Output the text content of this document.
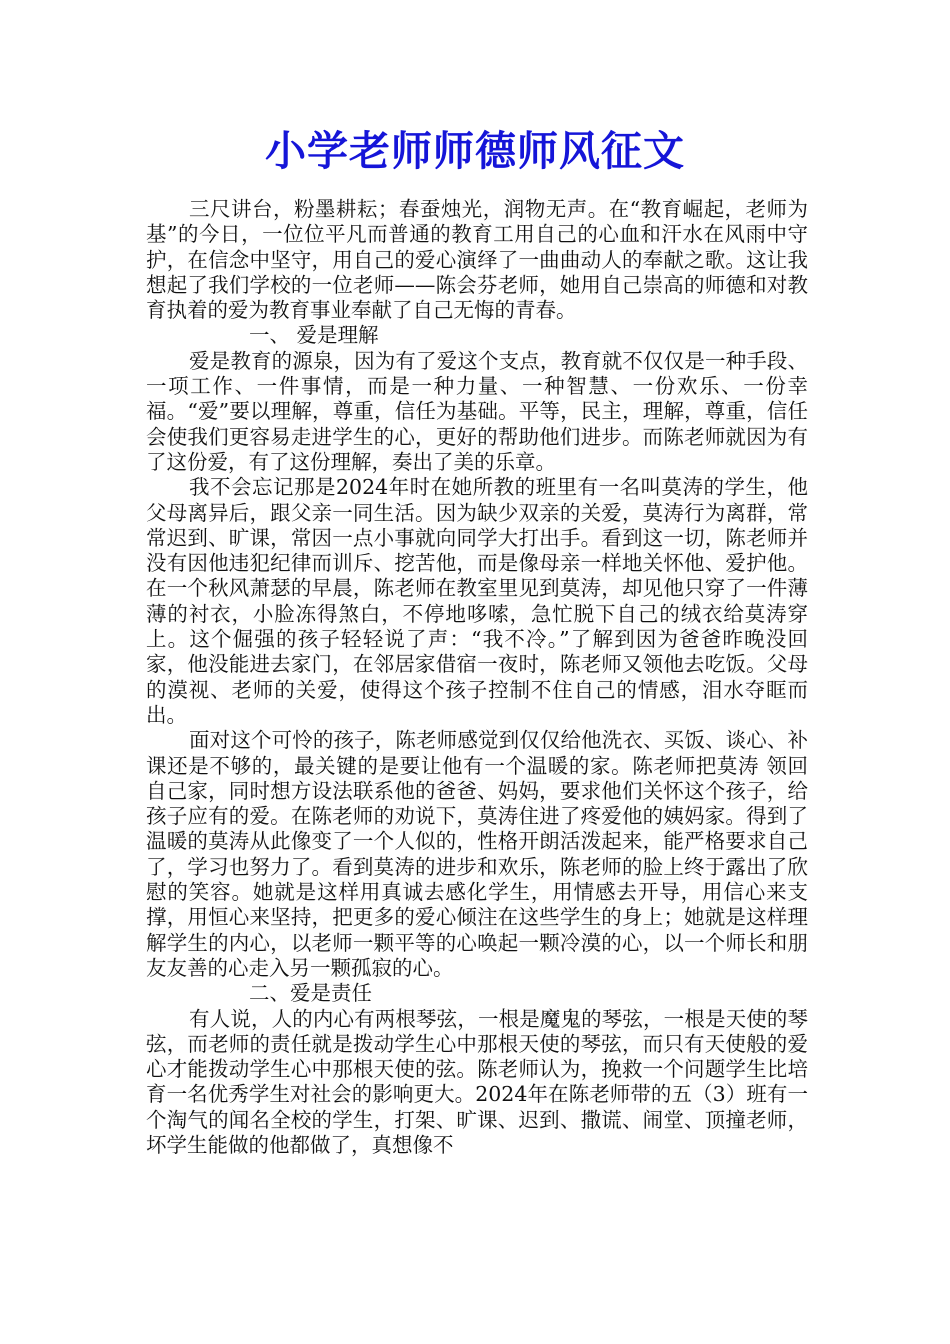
小学老师师德师风征文

三尺讲台，粉墨耕耘；春蚕烛光，润物无声。在“教育崛起，老师为基”的今日，一位位平凡而普通的教育工用自己的心血和汗水在风雨中守护，在信念中坚守，用自己的爱心演绎了一曲曲动人的奉献之歌。这让我想起了我们学校的一位老师——陈会芬老师，她用自己崇高的师德和对教育执着的爱为教育事业奉献了自己无悔的青春。

一、 爱是理解

爱是教育的源泉，因为有了爱这个支点，教育就不仅仅是一种手段、一项工作、一件事情，而是一种力量、一种智慧、一份欢乐、一份幸福。“爱”要以理解，尊重，信任为基础。平等，民主，理解，尊重，信任会使我们更容易走进学生的心，更好的帮助他们进步。而陈老师就因为有了这份爱，有了这份理解，奏出了美的乐章。

我不会忘记那是2024年时在她所教的班里有一名叫莫涛的学生，他父母离异后，跟父亲一同生活。因为缺少双亲的关爱，莫涛行为离群，常常迟到、旷课，常因一点小事就向同学大打出手。看到这一切，陈老师并没有因他违犯纪律而训斥、挖苦他，而是像母亲一样地关怀他、爱护他。在一个秋风萧瑟的早晨，陈老师在教室里见到莫涛，却见他只穿了一件薄薄的衬衣，小脸冻得煞白，不停地哆嗦，急忙脱下自己的绒衣给莫涛穿上。这个倔强的孩子轻轻说了声：“我不冷。”了解到因为爸爸昨晚没回家，他没能进去家门，在邻居家借宿一夜时，陈老师又领他去吃饭。父母的漠视、老师的关爱，使得这个孩子控制不住自己的情感，泪水夺眶而出。

面对这个可怜的孩子，陈老师感觉到仅仅给他洗衣、买饭、谈心、补课还是不够的，最关键的是要让他有一个温暖的家。陈老师把莫涛 领回自己家，同时想方设法联系他的爸爸、妈妈，要求他们关怀这个孩子，给孩子应有的爱。在陈老师的劝说下，莫涛住进了疼爱他的姨妈家。得到了温暖的莫涛从此像变了一个人似的，性格开朗活泼起来，能严格要求自己了，学习也努力了。看到莫涛的进步和欢乐，陈老师的脸上终于露出了欣慰的笑容。她就是这样用真诚去感化学生，用情感去开导，用信心来支撑，用恒心来坚持，把更多的爱心倾注在这些学生的身上；她就是这样理解学生的内心，以老师一颗平等的心唤起一颗冷漠的心，以一个师长和朋友友善的心走入另一颗孤寂的心。

二、爱是责任

有人说，人的内心有两根琴弦，一根是魔鬼的琴弦，一根是天使的琴弦，而老师的责任就是拨动学生心中那根天使的琴弦，而只有天使般的爱心才能拨动学生心中那根天使的弦。陈老师认为，挽救一个问题学生比培育一名优秀学生对社会的影响更大。2024年在陈老师带的五（3）班有一个淘气的闻名全校的学生，打架、旷课、迟到、撒谎、闹堂、顶撞老师，坏学生能做的他都做了，真想像不
